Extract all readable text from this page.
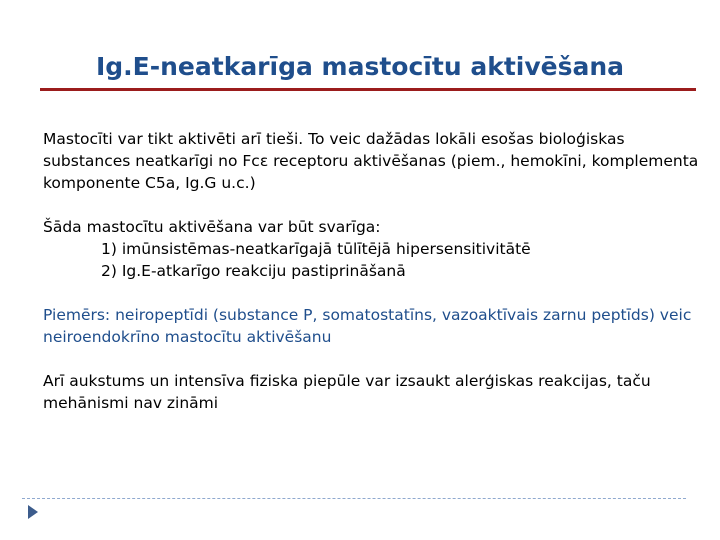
Ig.E-neatkarīga mastocītu aktivēšana

Mastocīti var tikt aktivēti arī tieši. To veic dažādas lokāli esošas bioloģiskas substances neatkarīgi no Fcε receptoru aktivēšanas (piem., hemokīni, komplementa komponente C5a, Ig.G u.c.)

Šāda mastocītu aktivēšana var būt svarīga:
1) imūnsistēmas-neatkarīgajā tūlītējā hipersensitivitātē
2) Ig.E-atkarīgo reakciju pastiprināšanā

Piemērs: neiropeptīdi (substance P, somatostatīns, vazoaktīvais zarnu peptīds) veic neiroendokrīno mastocītu aktivēšanu

Arī aukstums un intensīva fiziska piepūle var izsaukt alerģiskas reakcijas, taču mehānismi nav zināmi
